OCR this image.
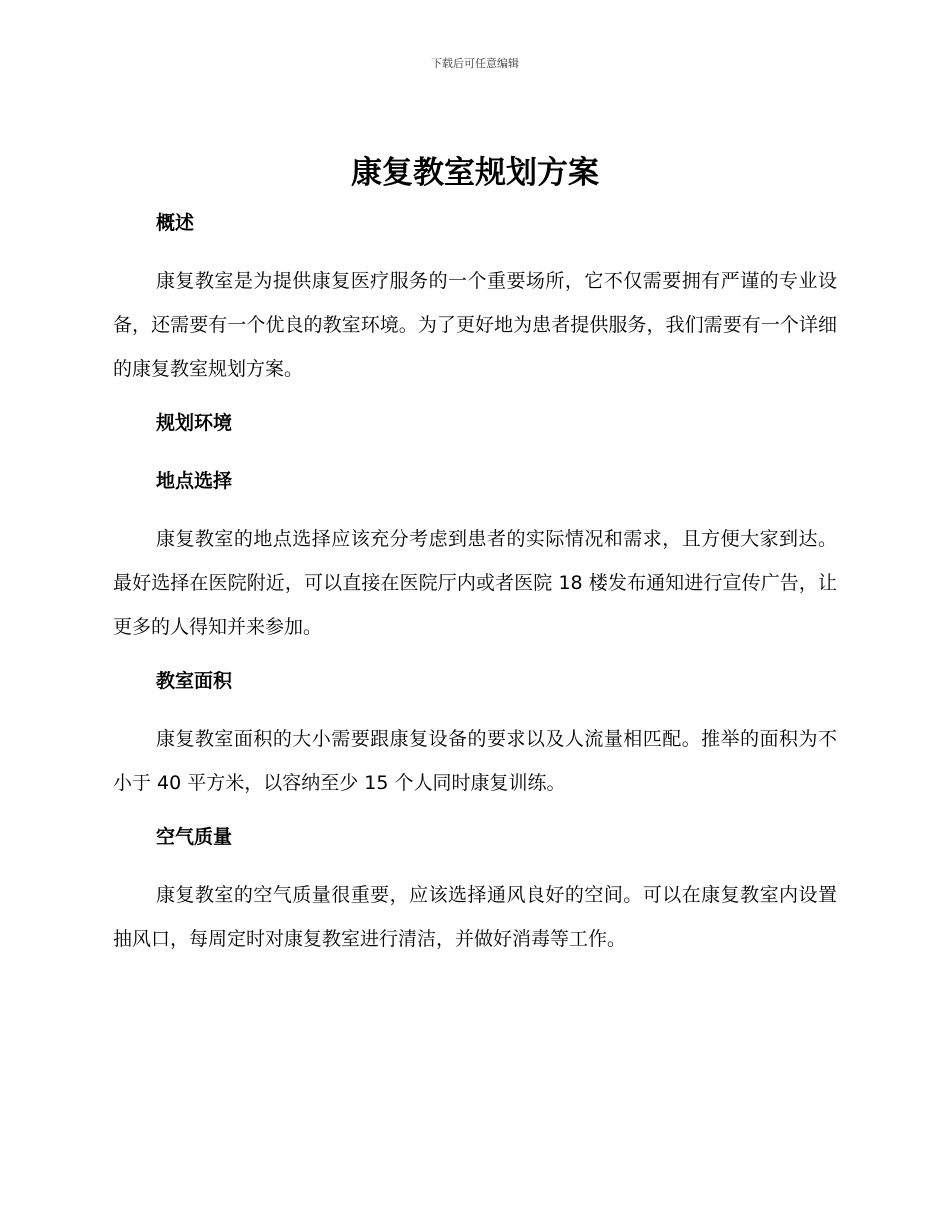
下载后可任意编辑
康复教室规划方案
概述

康复教室是为提供康复医疗服务的一个重要场所，它不仅需要拥有严谨的专业设备，还需要有一个优良的教室环境。为了更好地为患者提供服务，我们需要有一个详细的康复教室规划方案。

规划环境
地点选择

康复教室的地点选择应该充分考虑到患者的实际情况和需求，且方便大家到达。最好选择在医院附近，可以直接在医院厅内或者医院 18 楼发布通知进行宣传广告，让更多的人得知并来参加。

教室面积

康复教室面积的大小需要跟康复设备的要求以及人流量相匹配。推举的面积为不小于 40 平方米，以容纳至少 15 个人同时康复训练。

空气质量

康复教室的空气质量很重要，应该选择通风良好的空间。可以在康复教室内设置抽风口，每周定时对康复教室进行清洁，并做好消毒等工作。
